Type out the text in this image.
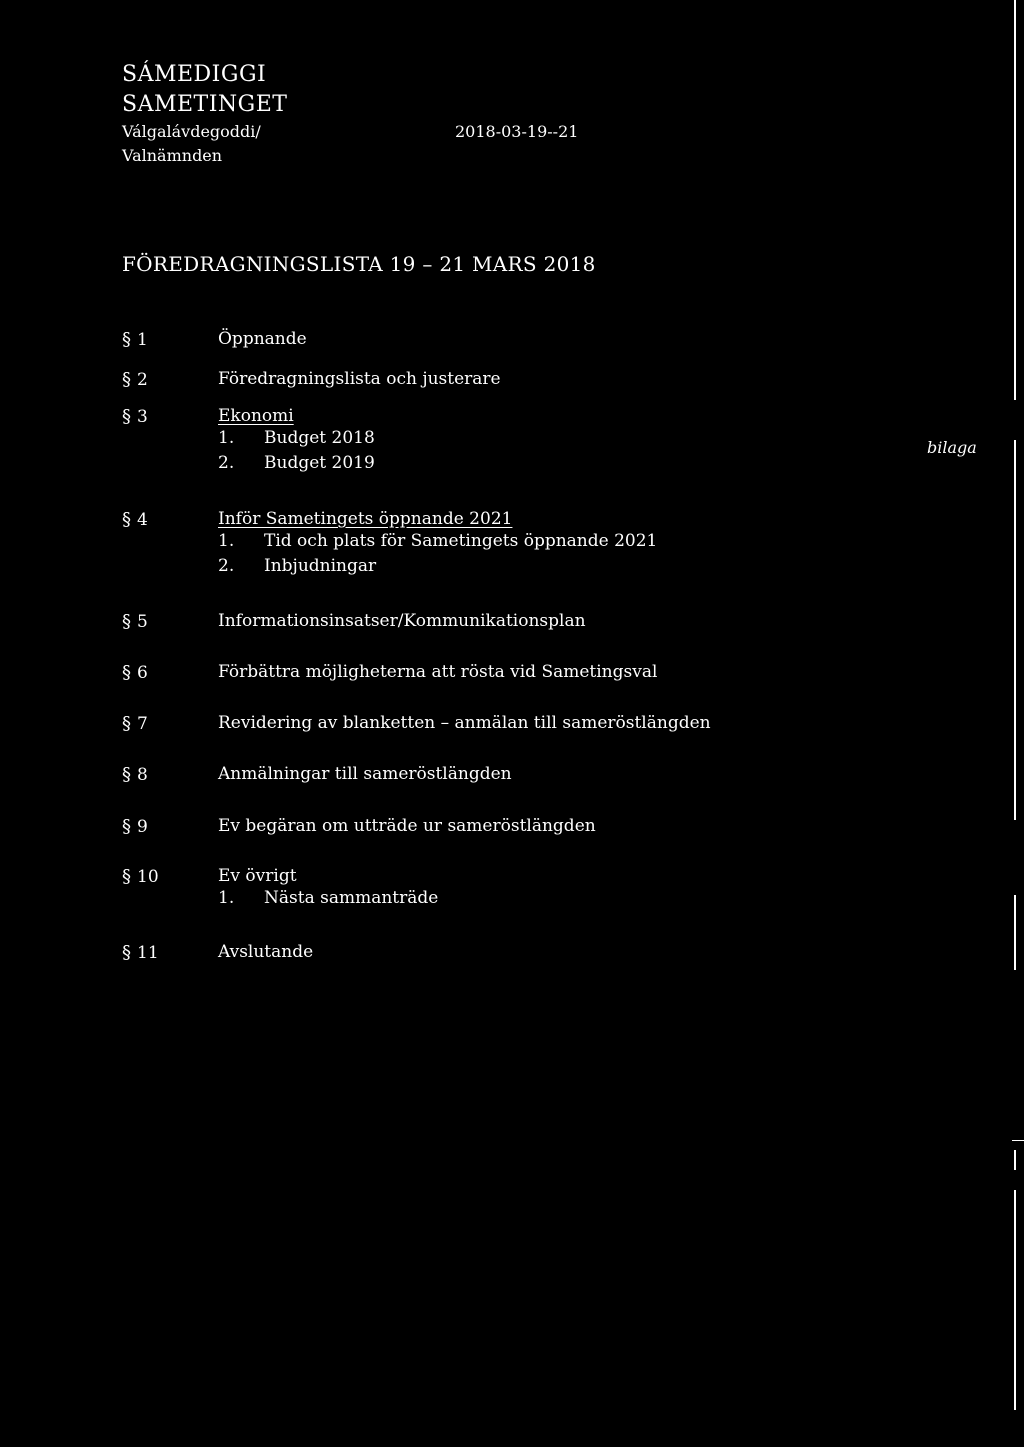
SÁMEDIGGI
SAMETINGET
Válgalávdegoddi/
Valnämnden
2018-03-19--21
FÖREDRAGNINGSLISTA 19 – 21 MARS 2018
§ 1	Öppnande
§ 2	Föredragningslista och justerare
§ 3	Ekonomi
1. Budget 2018
2. Budget 2019
§ 4	Inför Sametingets öppnande 2021
1. Tid och plats för Sametingets öppnande 2021
2. Inbjudningar
§ 5	Informationsinsatser/Kommunikationsplan
§ 6	Förbättra möjligheterna att rösta vid Sametingsval
§ 7	Revidering av blanketten – anmälan till sameröstlängden
§ 8	Anmälningar till sameröstlängden
§ 9	Ev begäran om utträde ur sameröstlängden
§ 10	Ev övrigt
1. Nästa sammanträde
§ 11	Avslutande
bilaga
